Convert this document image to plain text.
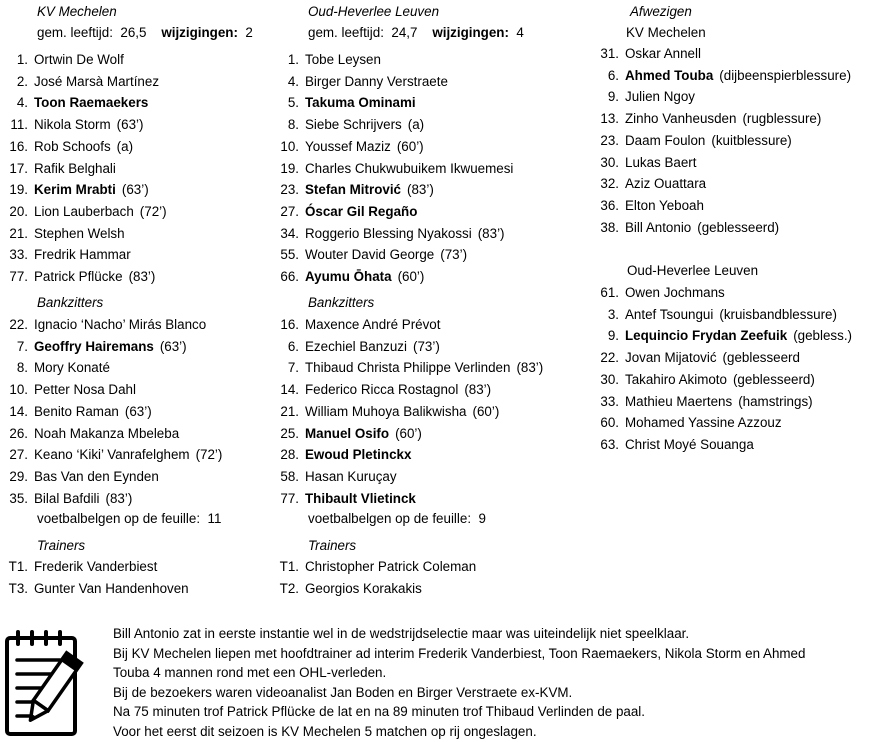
KV Mechelen
gem. leeftijd: 26,5 wijzigingen: 2
1. Ortwin De Wolf
2. José Marsà Martínez
4. Toon Raemaekers
11. Nikola Storm (63’)
16. Rob Schoofs (a)
17. Rafik Belghali
19. Kerim Mrabti (63’)
20. Lion Lauberbach (72’)
21. Stephen Welsh
33. Fredrik Hammar
77. Patrick Pflücke (83’)
Bankzitters
22. Ignacio ‘Nacho’ Mirás Blanco
7. Geoffry Hairemans (63’)
8. Mory Konaté
10. Petter Nosa Dahl
14. Benito Raman (63’)
26. Noah Makanza Mbeleba
27. Keano ‘Kiki’ Vanrafelghem (72’)
29. Bas Van den Eynden
35. Bilal Bafdili (83’)
voetbalbelgen op de feuille: 11
Trainers
T1. Frederik Vanderbiest
T3. Gunter Van Handenhoven
Oud-Heverlee Leuven
gem. leeftijd: 24,7 wijzigingen: 4
1. Tobe Leysen
4. Birger Danny Verstraete
5. Takuma Ominami
8. Siebe Schrijvers (a)
10. Youssef Maziz (60’)
19. Charles Chukwubuikem Ikwuemesi
23. Stefan Mitrović (83’)
27. Óscar Gil Regaño
34. Roggerio Blessing Nyakossi (83’)
55. Wouter David George (73’)
66. Ayumu Ōhata (60’)
Bankzitters
16. Maxence André Prévot
6. Ezechiel Banzuzi (73’)
7. Thibaud Christa Philippe Verlinden (83’)
14. Federico Ricca Rostagnol (83’)
21. William Muhoya Balikwisha (60’)
25. Manuel Osifo (60’)
28. Ewoud Pletinckx
58. Hasan Kuruçay
77. Thibault Vlietinck
voetbalbelgen op de feuille: 9
Trainers
T1. Christopher Patrick Coleman
T2. Georgios Korakakis
Afwezigen
KV Mechelen
31. Oskar Annell
6. Ahmed Touba (dijbeenspierblessure)
9. Julien Ngoy
13. Zinho Vanheusden (rugblessure)
23. Daam Foulon (kuitblessure)
30. Lukas Baert
32. Aziz Ouattara
36. Elton Yeboah
38. Bill Antonio (geblesseerd)
Oud-Heverlee Leuven
61. Owen Jochmans
3. Antef Tsoungui (kruisbandblessure)
9. Lequincio Frydan Zeefuik (gebless.)
22. Jovan Mijatović (geblesseerd
30. Takahiro Akimoto (geblesseerd)
33. Mathieu Maertens (hamstrings)
60. Mohamed Yassine Azzouz
63. Christ Moyé Souanga
Bill Antonio zat in eerste instantie wel in de wedstrijdselectie maar was uiteindelijk niet speelklaar.
Bij KV Mechelen liepen met hoofdtrainer ad interim Frederik Vanderbiest, Toon Raemaekers, Nikola Storm en Ahmed
Touba 4 mannen rond met een OHL-verleden.
Bij de bezoekers waren videoanalist Jan Boden en Birger Verstraete ex-KVM.
Na 75 minuten trof Patrick Pflücke de lat en na 89 minuten trof Thibaud Verlinden de paal.
Voor het eerst dit seizoen is KV Mechelen 5 matchen op rij ongeslagen.
